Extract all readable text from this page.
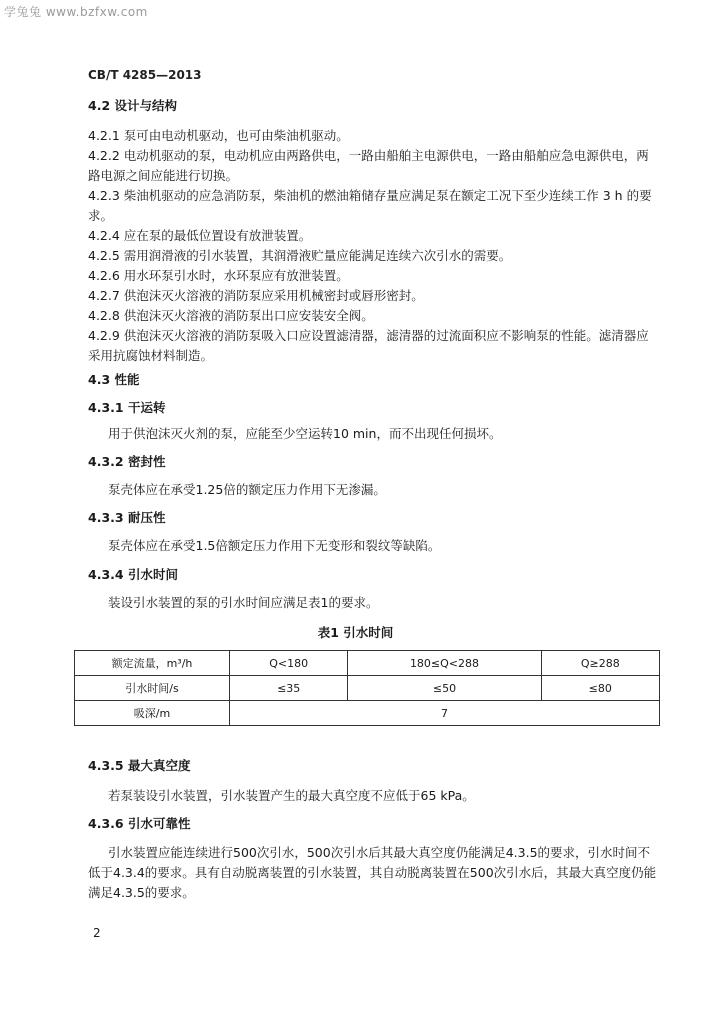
学兔兔 www.bzfxw.com
CB/T 4285—2013
4.2 设计与结构
4.2.1 泵可由电动机驱动，也可由柴油机驱动。
4.2.2 电动机驱动的泵，电动机应由两路供电，一路由船舶主电源供电，一路由船舶应急电源供电，两路电源之间应能进行切换。
4.2.3 柴油机驱动的应急消防泵，柴油机的燃油箱储存量应满足泵在额定工况下至少连续工作 3 h 的要求。
4.2.4 应在泵的最低位置设有放泄装置。
4.2.5 需用润滑液的引水装置，其润滑液贮量应能满足连续六次引水的需要。
4.2.6 用水环泵引水时，水环泵应有放泄装置。
4.2.7 供泡沫灭火溶液的消防泵应采用机械密封或唇形密封。
4.2.8 供泡沫灭火溶液的消防泵出口应安装安全阀。
4.2.9 供泡沫灭火溶液的消防泵吸入口应设置滤清器，滤清器的过流面积应不影响泵的性能。滤清器应采用抗腐蚀材料制造。
4.3 性能
4.3.1 干运转
用于供泡沫灭火剂的泵，应能至少空运转10 min，而不出现任何损坏。
4.3.2 密封性
泵壳体应在承受1.25倍的额定压力作用下无渗漏。
4.3.3 耐压性
泵壳体应在承受1.5倍额定压力作用下无变形和裂纹等缺陷。
4.3.4 引水时间
装设引水装置的泵的引水时间应满足表1的要求。
表1 引水时间
额定流量，m³/h	Q<180	180≤Q<288	Q≥288
引水时间/s	≤35	≤50	≤80
吸深/m	7		
4.3.5 最大真空度
若泵装设引水装置，引水装置产生的最大真空度不应低于65 kPa。
4.3.6 引水可靠性
引水装置应能连续进行500次引水，500次引水后其最大真空度仍能满足4.3.5的要求，引水时间不低于4.3.4的要求。具有自动脱离装置的引水装置，其自动脱离装置在500次引水后，其最大真空度仍能满足4.3.5的要求。
2
